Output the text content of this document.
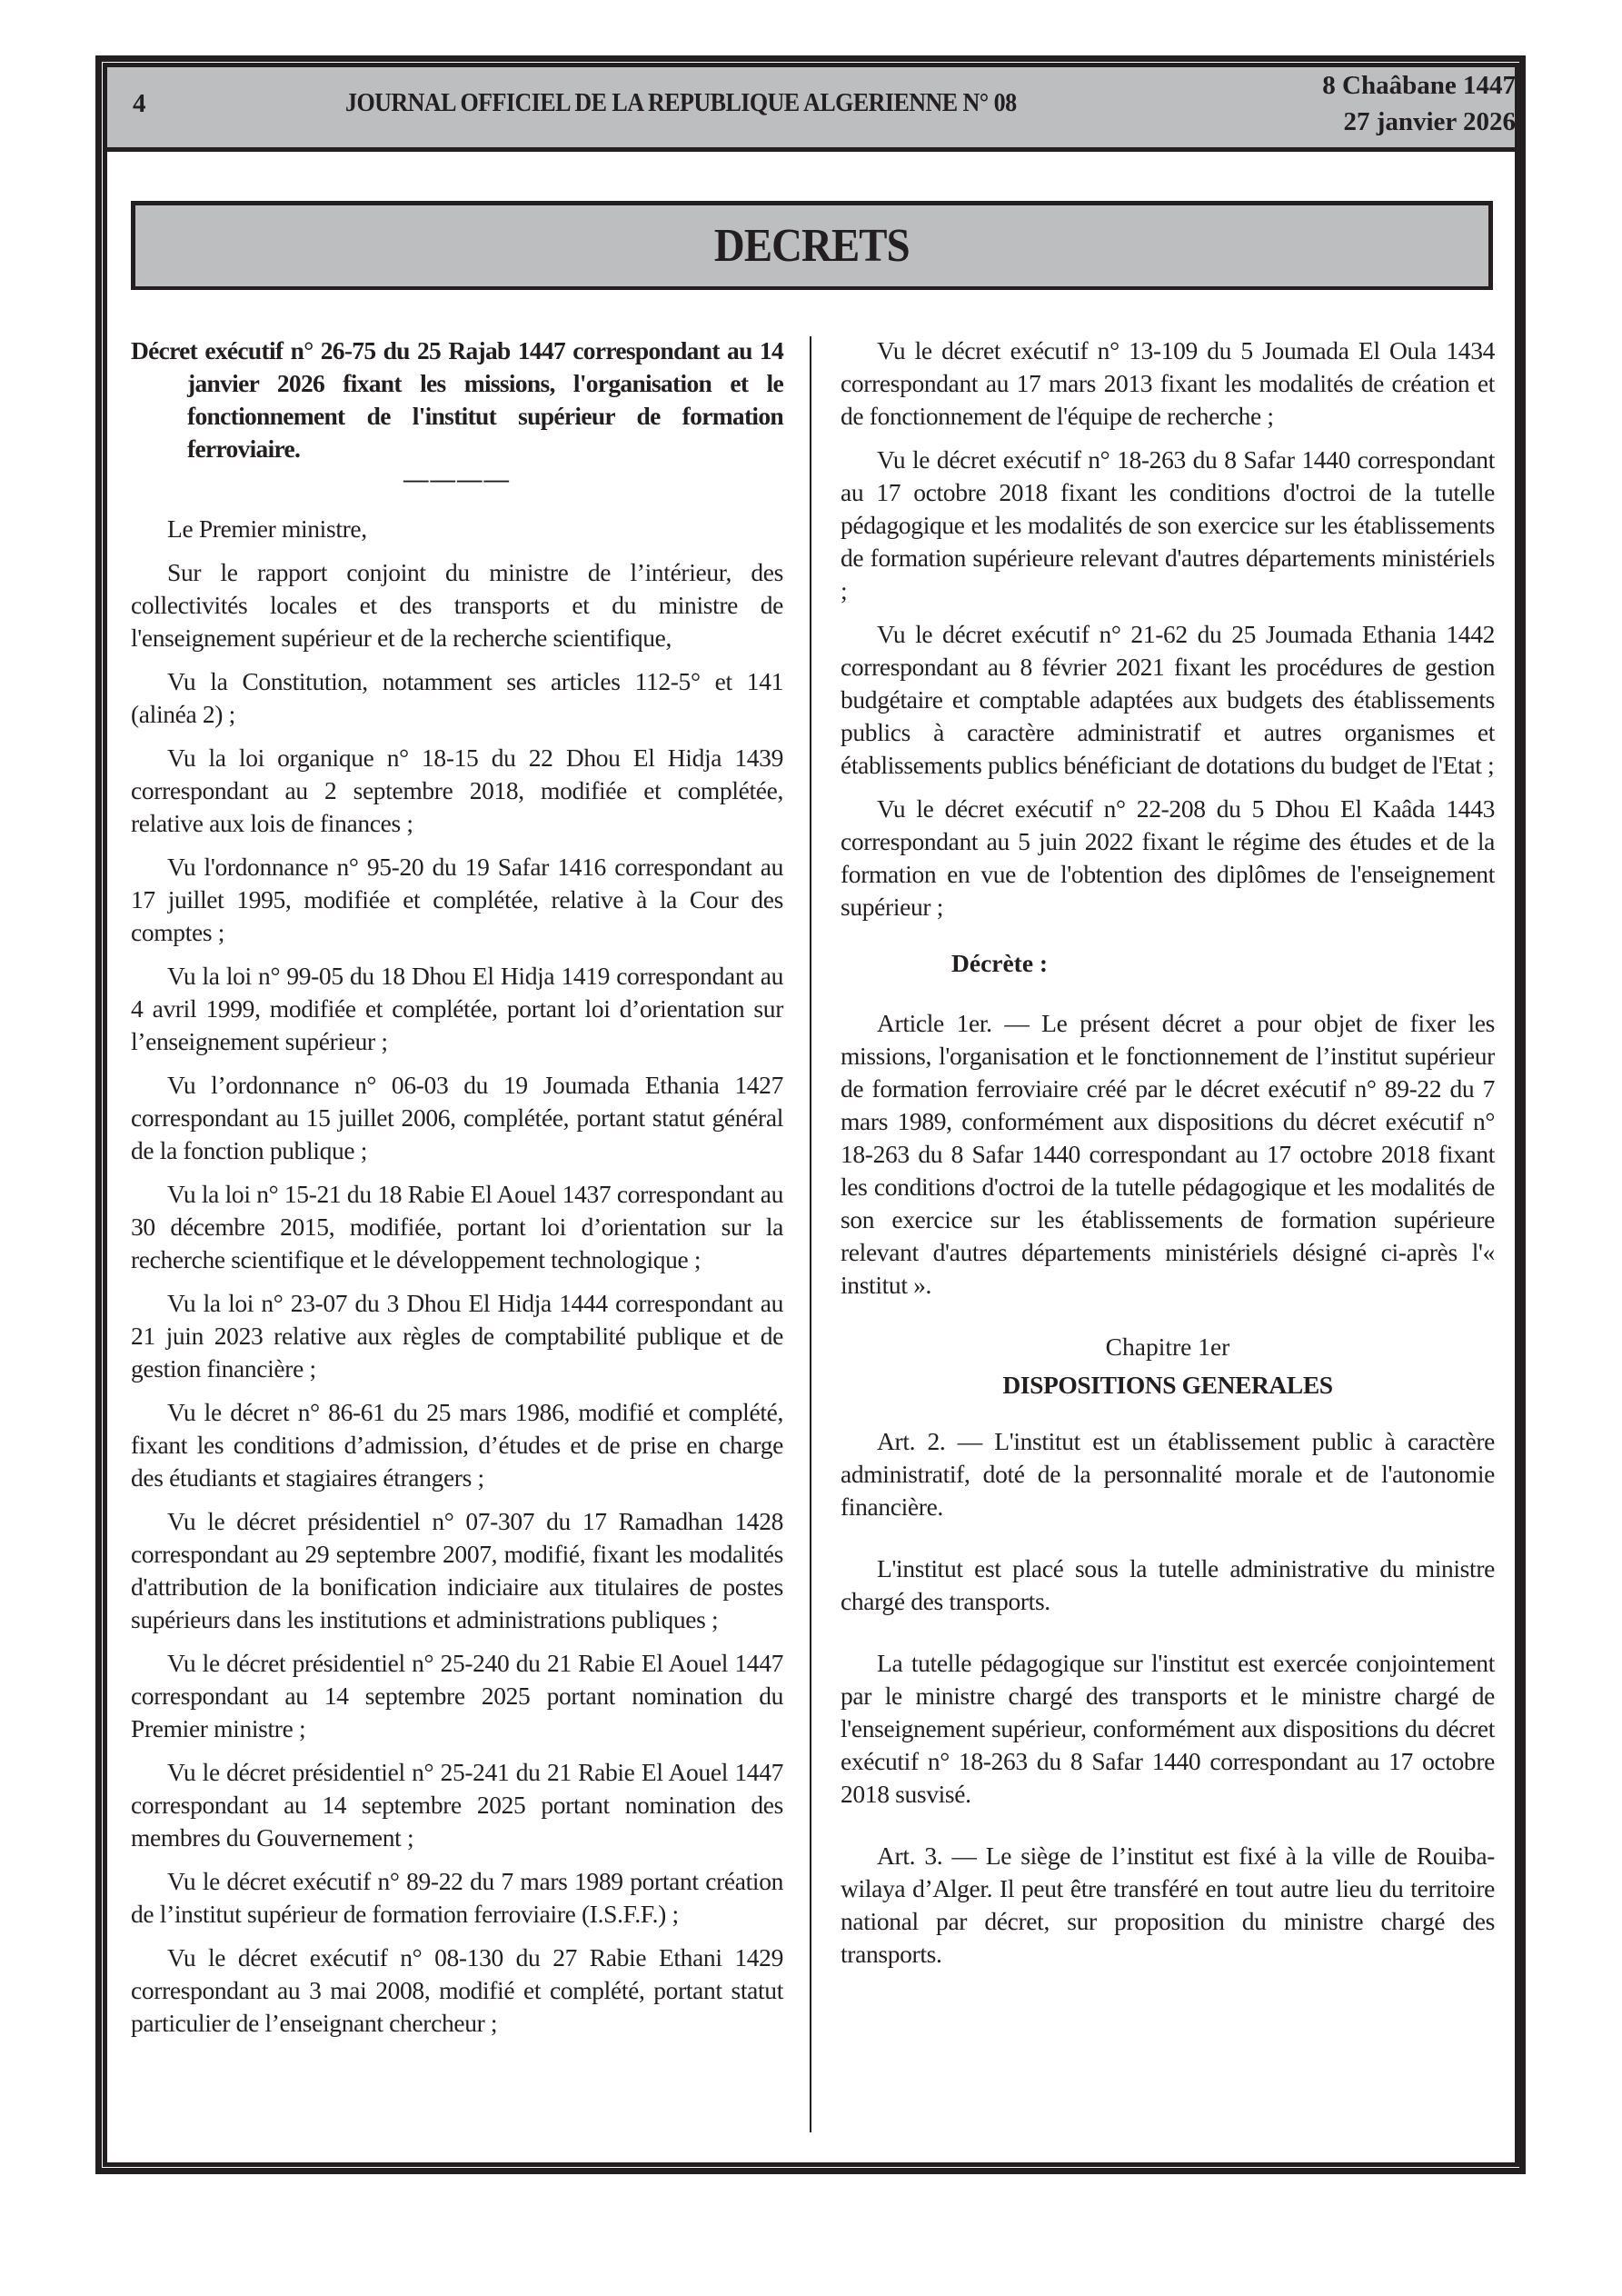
4	JOURNAL OFFICIEL DE LA REPUBLIQUE ALGERIENNE N° 08
8 Chaâbane 1447
27 janvier 2026
DECRETS

Décret exécutif n° 26-75 du 25 Rajab 1447 correspondant au 14 janvier 2026 fixant les missions, l'organisation et le fonctionnement de l'institut supérieur de formation ferroviaire.

————

Le Premier ministre,

Sur le rapport conjoint du ministre de l’intérieur, des collectivités locales et des transports et du ministre de l'enseignement supérieur et de la recherche scientifique,

Vu la Constitution, notamment ses articles 112-5° et 141 (alinéa 2) ;

Vu la loi organique n° 18-15 du 22 Dhou El Hidja 1439 correspondant au 2 septembre 2018, modifiée et complétée, relative aux lois de finances ;

Vu l'ordonnance n° 95-20 du 19 Safar 1416 correspondant au 17 juillet 1995, modifiée et complétée, relative à la Cour des comptes ;

Vu la loi n° 99-05 du 18 Dhou El Hidja 1419 correspondant au 4 avril 1999, modifiée et complétée, portant loi d’orientation sur l’enseignement supérieur ;

Vu l’ordonnance n° 06-03 du 19 Joumada Ethania 1427 correspondant au 15 juillet 2006, complétée, portant statut général de la fonction publique ;

Vu la loi n° 15-21 du 18 Rabie El Aouel 1437 correspondant au 30 décembre 2015, modifiée, portant loi d’orientation sur la recherche scientifique et le développement technologique ;

Vu la loi n° 23-07 du 3 Dhou El Hidja 1444 correspondant au 21 juin 2023 relative aux règles de comptabilité publique et de gestion financière ;

Vu le décret n° 86-61 du 25 mars 1986, modifié et complété, fixant les conditions d’admission, d’études et de prise en charge des étudiants et stagiaires étrangers ;

Vu le décret présidentiel n° 07-307 du 17 Ramadhan 1428 correspondant au 29 septembre 2007, modifié, fixant les modalités d'attribution de la bonification indiciaire aux titulaires de postes supérieurs dans les institutions et administrations publiques ;

Vu le décret présidentiel n° 25-240 du 21 Rabie El Aouel 1447 correspondant au 14 septembre 2025 portant nomination du Premier ministre ;

Vu le décret présidentiel n° 25-241 du 21 Rabie El Aouel 1447 correspondant au 14 septembre 2025 portant nomination des membres du Gouvernement ;

Vu le décret exécutif n° 89-22 du 7 mars 1989 portant création de l’institut supérieur de formation ferroviaire (I.S.F.F.) ;

Vu le décret exécutif n° 08-130 du 27 Rabie Ethani 1429 correspondant au 3 mai 2008, modifié et complété, portant statut particulier de l’enseignant chercheur ;

Vu le décret exécutif n° 13-109 du 5 Joumada El Oula 1434 correspondant au 17 mars 2013 fixant les modalités de création et de fonctionnement de l'équipe de recherche ;

Vu le décret exécutif n° 18-263 du 8 Safar 1440 correspondant au 17 octobre 2018 fixant les conditions d'octroi de la tutelle pédagogique et les modalités de son exercice sur les établissements de formation supérieure relevant d'autres départements ministériels ;

Vu le décret exécutif n° 21-62 du 25 Joumada Ethania 1442 correspondant au 8 février 2021 fixant les procédures de gestion budgétaire et comptable adaptées aux budgets des établissements publics à caractère administratif et autres organismes et établissements publics bénéficiant de dotations du budget de l'Etat ;

Vu le décret exécutif n° 22-208 du 5 Dhou El Kaâda 1443 correspondant au 5 juin 2022 fixant le régime des études et de la formation en vue de l'obtention des diplômes de l'enseignement supérieur ;

Décrète :

Article 1er. — Le présent décret a pour objet de fixer les missions, l'organisation et le fonctionnement de l’institut supérieur de formation ferroviaire créé par le décret exécutif n° 89-22 du 7 mars 1989, conformément aux dispositions du décret exécutif n° 18-263 du 8 Safar 1440 correspondant au 17 octobre 2018 fixant les conditions d'octroi de la tutelle pédagogique et les modalités de son exercice sur les établissements de formation supérieure relevant d'autres départements ministériels désigné ci-après l'« institut ».

Chapitre 1er
DISPOSITIONS GENERALES

Art. 2. — L'institut est un établissement public à caractère administratif, doté de la personnalité morale et de l'autonomie financière.

L'institut est placé sous la tutelle administrative du ministre chargé des transports.

La tutelle pédagogique sur l'institut est exercée conjointement par le ministre chargé des transports et le ministre chargé de l'enseignement supérieur, conformément aux dispositions du décret exécutif n° 18-263 du 8 Safar 1440 correspondant au 17 octobre 2018 susvisé.

Art. 3. — Le siège de l’institut est fixé à la ville de Rouiba-wilaya d’Alger. Il peut être transféré en tout autre lieu du territoire national par décret, sur proposition du ministre chargé des transports.
